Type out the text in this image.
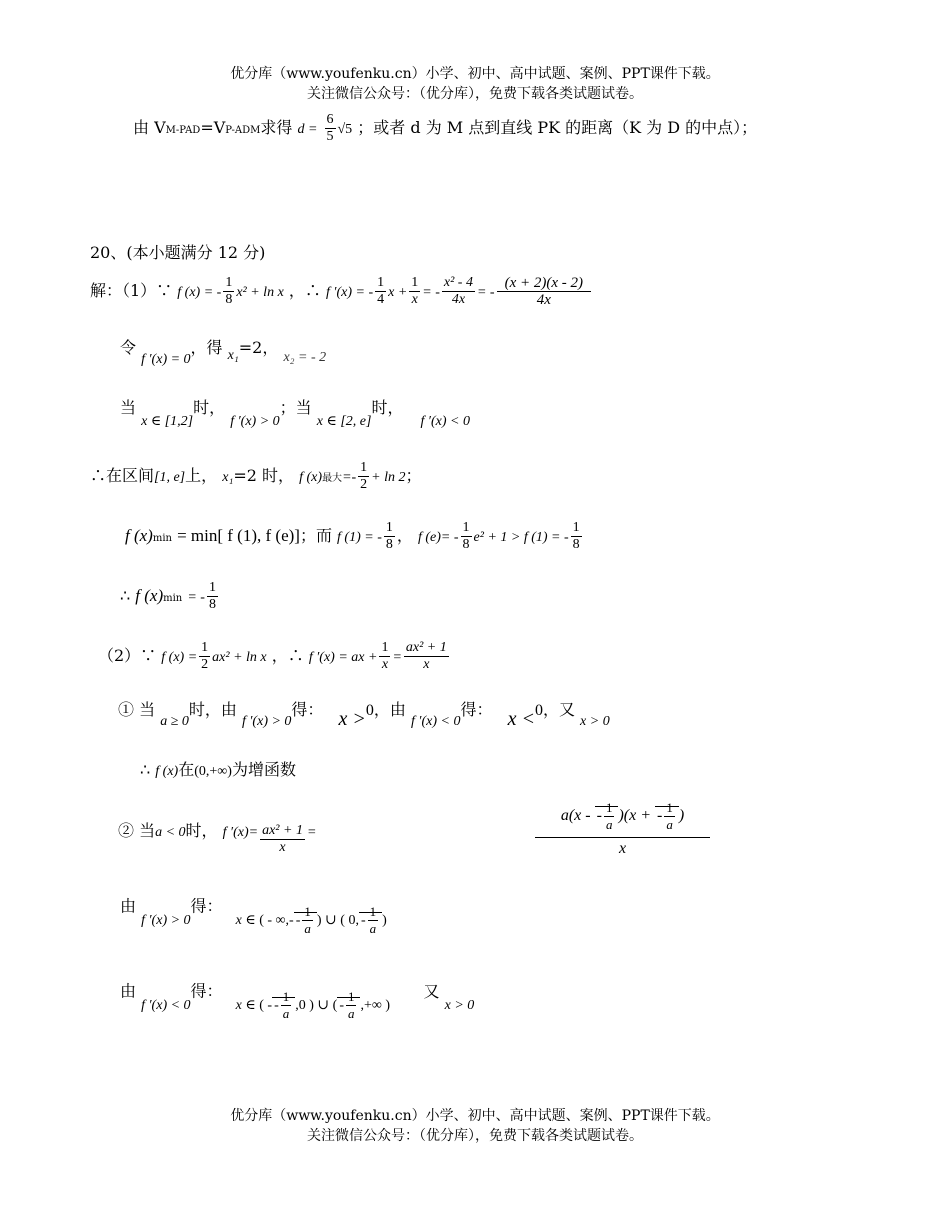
优分库（www.youfenku.cn）小学、初中、高中试题、案例、PPT课件下载。
关注微信公众号：（优分库），免费下载各类试题试卷。
由 VM-PAD=VP-ADM求得 $d = \frac{6}{5} √5$ ；或者 d 为 M 点到直线 PK 的距离（K 为 D 的中点）；
20、(本小题满分 12 分)
解：（1）∵ f (x) = - $\frac{1}{8} x^2 + \ln x$ ，∴ f ′(x) = - $\frac{1}{4}$ $x + \frac{1}{x}$ = - $\frac{\text{x² - 4}}{4x}$ = - $\frac{(x + 2)(x - 2)}{4x}$
令 f ′(x) = 0，得 x₁=2， x₂ = - 2
当 x ∈ [1,2]时， f ′(x) > 0；当 x ∈ [2, e]时， f ′(x) < 0
∴在区间[1, e]上， x₁=2 时， f (x)最大=- $\frac{1}{2} + \ln 2$；
f (x)min = min[ f (1), f (e)]；而 f (1) = - $\frac{1}{8}$ ， f $(e)= - \frac{1}{8} e^2 + 1 > f$ (1) = - $\frac{1}{8}$
∴ f (x)min = - $\frac{1}{8}$
（2）∵ f $(x) = \frac{1}{2} ax^2 + \ln x$ ，∴ f ′(x) = ax + $\frac{1}{x} = \frac{\text{ax² + 1}}{x}$
① 当 a ≥ 0时，由 f ′(x) > 0得： x >0，由 f ′(x) < 0得： x <0，又 x > 0
∴ f (x)在(0,+∞)为增函数
② 当a < 0时， f $'(x)= \frac{\text{ax² + 1}}{x}$ =	$\frac{a(x - - \frac{1}{a} )(x + - \frac{1}{a} )}{x}$
由 f ′(x) > 0得： x ∈ ( - ∞,- - $\frac{1}{a}$ ) ∪ ( 0, - $\frac{1}{a}$ )
由 f ′(x) < 0得： x ∈ ( - - $\frac{1}{a} ,0$ ) ∪ ( - $\frac{1}{a}$ ,+∞ ) 又 x > 0
优分库（www.youfenku.cn）小学、初中、高中试题、案例、PPT课件下载。
关注微信公众号：（优分库），免费下载各类试题试卷。
